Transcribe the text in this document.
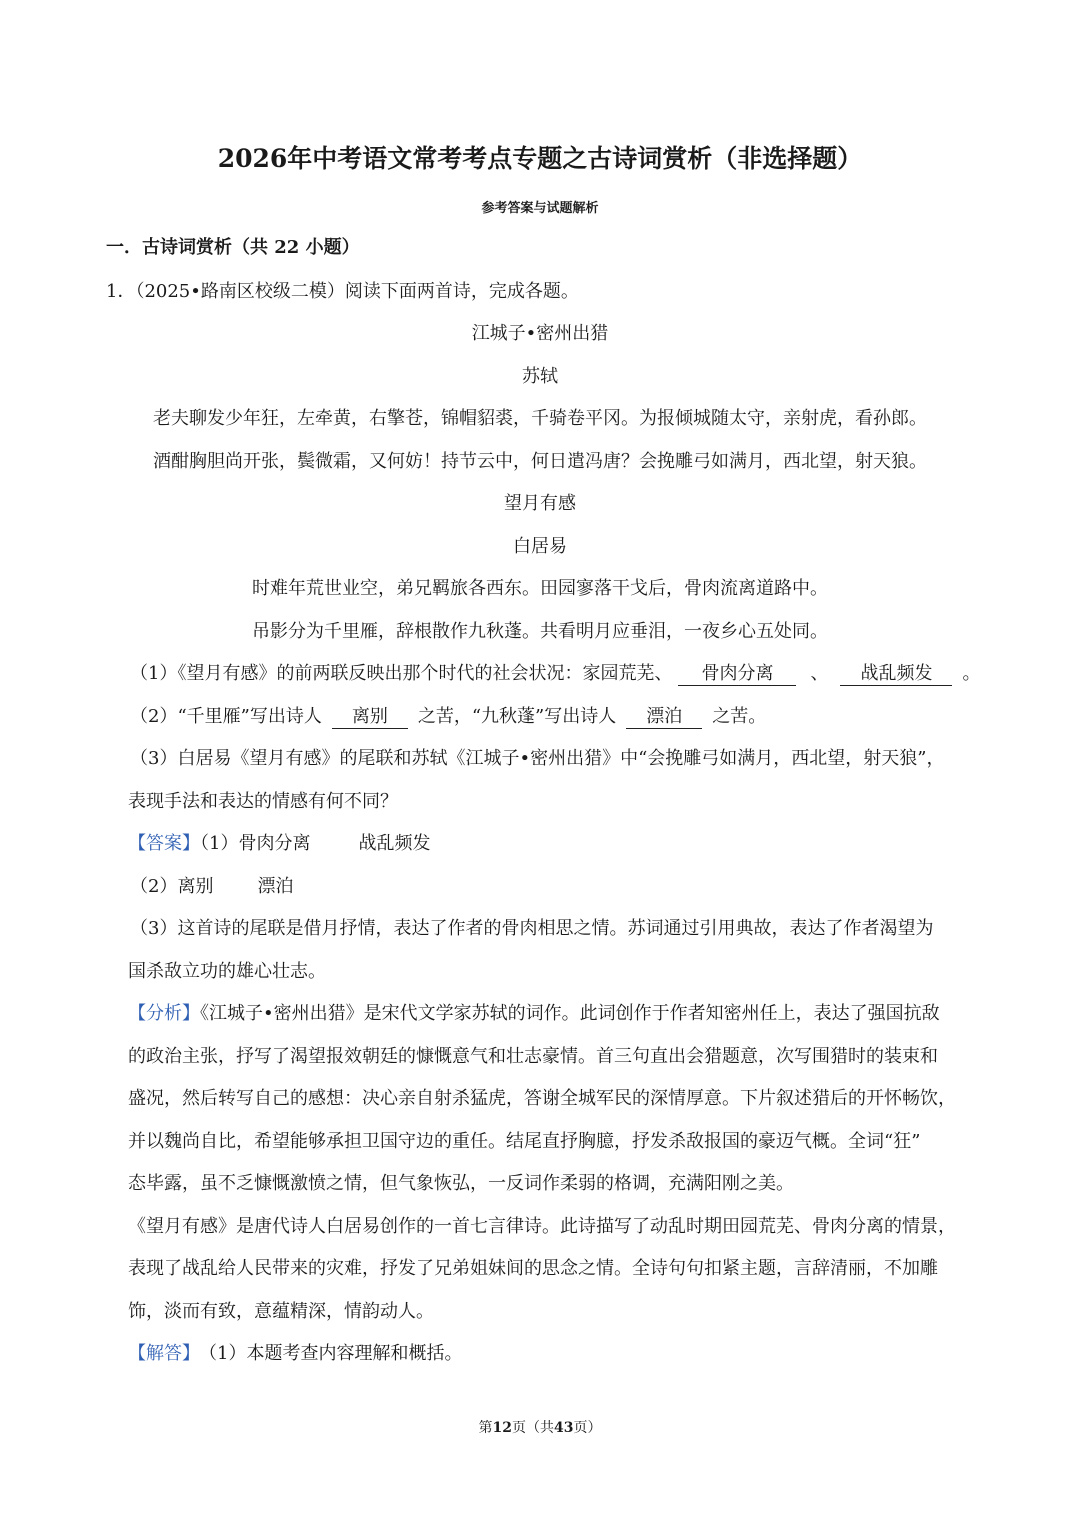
2026年中考语文常考考点专题之古诗词赏析（非选择题）
参考答案与试题解析
一．古诗词赏析（共 22 小题）
1．（2025•路南区校级二模）阅读下面两首诗，完成各题。
江城子•密州出猎
苏轼
老夫聊发少年狂，左牵黄，右擎苍，锦帽貂裘，千骑卷平冈。为报倾城随太守，亲射虎，看孙郎。
酒酣胸胆尚开张，鬓微霜，又何妨！持节云中，何日遣冯唐？会挽雕弓如满月，西北望，射天狼。
望月有感
白居易
时难年荒世业空，弟兄羁旅各西东。田园寥落干戈后，骨肉流离道路中。
吊影分为千里雁，辞根散作九秋蓬。共看明月应垂泪，一夜乡心五处同。
（1）《望月有感》的前两联反映出那个时代的社会状况：家园荒芜、 骨肉分离 、 战乱频发 。
（2）“千里雁”写出诗人 离别 之苦，“九秋蓬”写出诗人 漂泊 之苦。
（3）白居易《望月有感》的尾联和苏轼《江城子•密州出猎》中“会挽雕弓如满月，西北望，射天狼”，
表现手法和表达的情感有何不同？
【答案】（1）骨肉分离	战乱频发
（2）离别 漂泊
（3）这首诗的尾联是借月抒情，表达了作者的骨肉相思之情。苏词通过引用典故，表达了作者渴望为
国杀敌立功的雄心壮志。
【分析】《江城子•密州出猎》是宋代文学家苏轼的词作。此词创作于作者知密州任上，表达了强国抗敌
的政治主张，抒写了渴望报效朝廷的慷慨意气和壮志豪情。首三句直出会猎题意，次写围猎时的装束和
盛况，然后转写自己的感想：决心亲自射杀猛虎，答谢全城军民的深情厚意。下片叙述猎后的开怀畅饮，
并以魏尚自比，希望能够承担卫国守边的重任。结尾直抒胸臆，抒发杀敌报国的豪迈气概。全词“狂”
态毕露，虽不乏慷慨激愤之情，但气象恢弘，一反词作柔弱的格调，充满阳刚之美。
《望月有感》是唐代诗人白居易创作的一首七言律诗。此诗描写了动乱时期田园荒芜、骨肉分离的情景，
表现了战乱给人民带来的灾难，抒发了兄弟姐妹间的思念之情。全诗句句扣紧主题，言辞清丽，不加雕
饰，淡而有致，意蕴精深，情韵动人。
【解答】 （1）本题考查内容理解和概括。
第12页（共43页）
